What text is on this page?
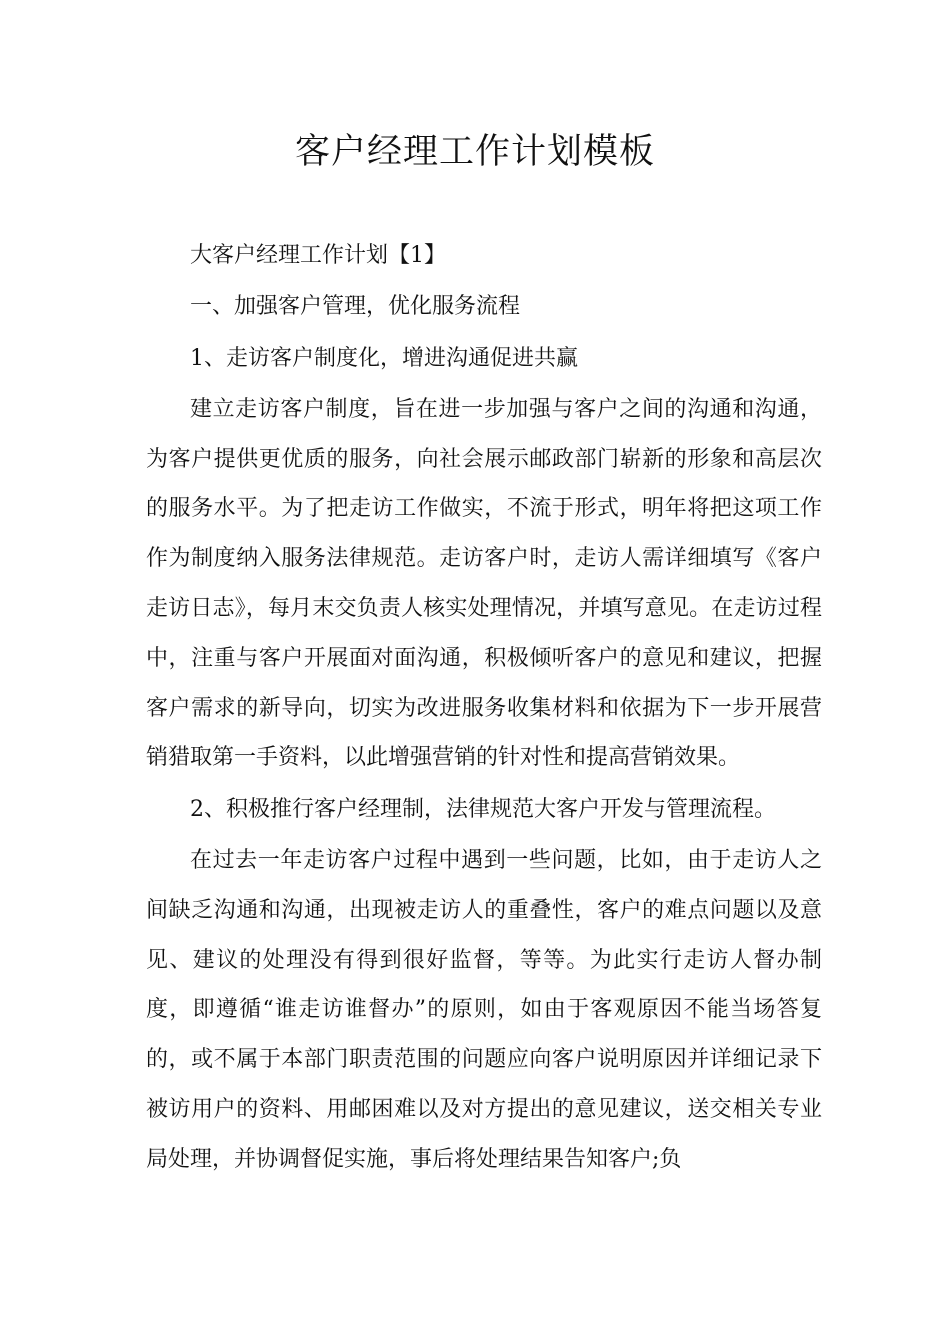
客户经理工作计划模板

大客户经理工作计划【1】

一、加强客户管理，优化服务流程

1、走访客户制度化，增进沟通促进共赢

建立走访客户制度，旨在进一步加强与客户之间的沟通和沟通，为客户提供更优质的服务，向社会展示邮政部门崭新的形象和高层次的服务水平。为了把走访工作做实，不流于形式，明年将把这项工作作为制度纳入服务法律规范。走访客户时，走访人需详细填写《客户走访日志》，每月末交负责人核实处理情况，并填写意见。在走访过程中，注重与客户开展面对面沟通，积极倾听客户的意见和建议，把握客户需求的新导向，切实为改进服务收集材料和依据为下一步开展营销猎取第一手资料，以此增强营销的针对性和提高营销效果。

2、积极推行客户经理制，法律规范大客户开发与管理流程。

在过去一年走访客户过程中遇到一些问题，比如，由于走访人之间缺乏沟通和沟通，出现被走访人的重叠性，客户的难点问题以及意见、建议的处理没有得到很好监督，等等。为此实行走访人督办制度，即遵循“谁走访谁督办”的原则，如由于客观原因不能当场答复的，或不属于本部门职责范围的问题应向客户说明原因并详细记录下被访用户的资料、用邮困难以及对方提出的意见建议，送交相关专业局处理，并协调督促实施，事后将处理结果告知客户;负
